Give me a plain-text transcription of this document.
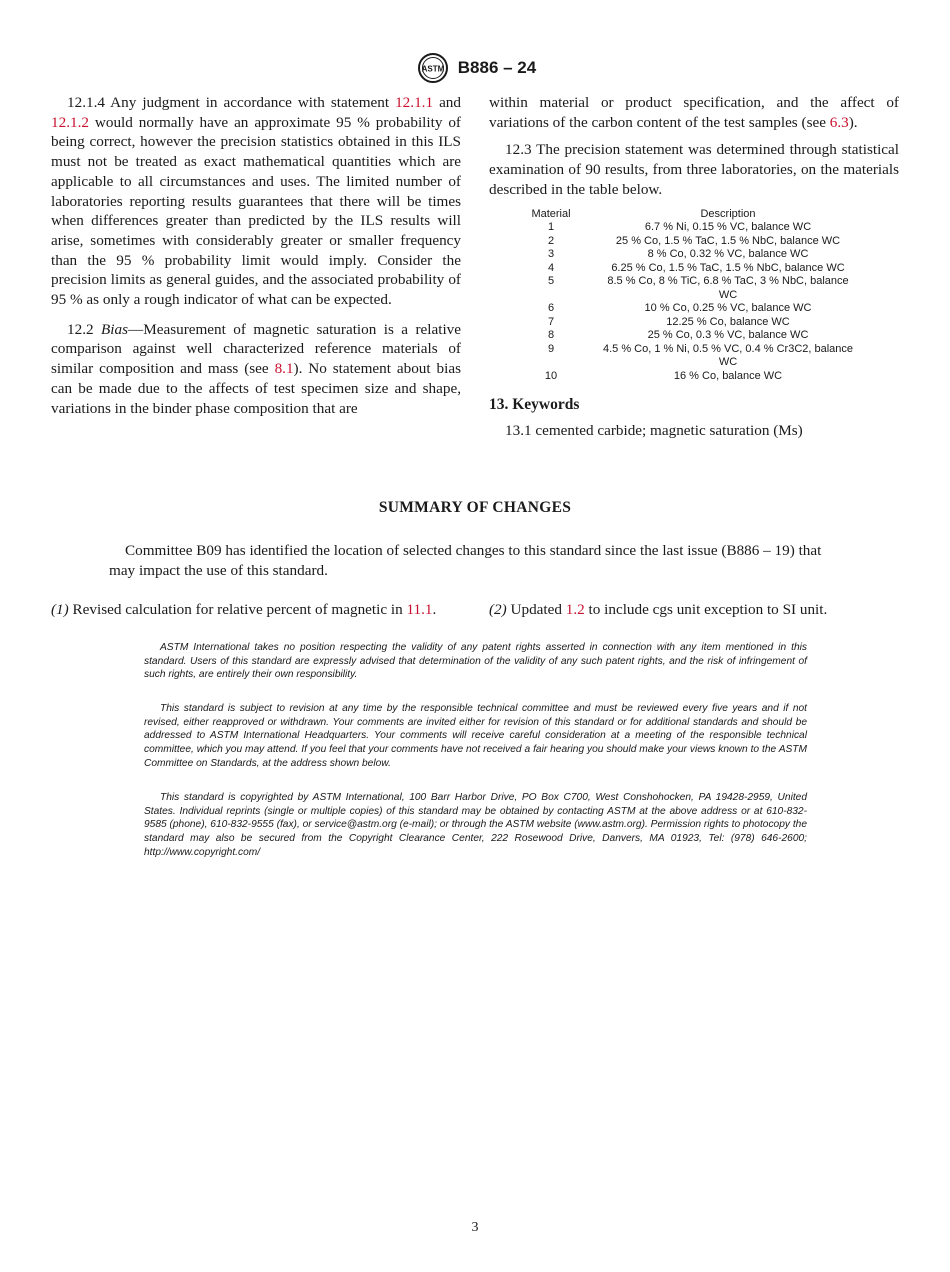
ASTM B886 – 24

12.1.4 Any judgment in accordance with statement 12.1.1 and 12.1.2 would normally have an approximate 95 % probability of being correct, however the precision statistics obtained in this ILS must not be treated as exact mathematical quantities which are applicable to all circumstances and uses. The limited number of laboratories reporting results guarantees that there will be times when differences greater than predicted by the ILS results will arise, sometimes with considerably greater or smaller frequency than the 95 % probability limit would imply. Consider the precision limits as general guides, and the associated probability of 95 % as only a rough indicator of what can be expected.

12.2 Bias—Measurement of magnetic saturation is a relative comparison against well characterized reference materials of similar composition and mass (see 8.1). No statement about bias can be made due to the affects of test specimen size and shape, variations in the binder phase composition that are

within material or product specification, and the affect of variations of the carbon content of the test samples (see 6.3).

12.3 The precision statement was determined through statistical examination of 90 results, from three laboratories, on the materials described in the table below.

Material	Description
1	6.7 % Ni, 0.15 % VC, balance WC
2	25 % Co, 1.5 % TaC, 1.5 % NbC, balance WC
3	8 % Co, 0.32 % VC, balance WC
4	6.25 % Co, 1.5 % TaC, 1.5 % NbC, balance WC
5	8.5 % Co, 8 % TiC, 6.8 % TaC, 3 % NbC, balance WC
6	10 % Co, 0.25 % VC, balance WC
7	12.25 % Co, balance WC
8	25 % Co, 0.3 % VC, balance WC
9	4.5 % Co, 1 % Ni, 0.5 % VC, 0.4 % Cr3C2, balance WC
10	16 % Co, balance WC
13. Keywords

13.1 cemented carbide; magnetic saturation (Ms)

SUMMARY OF CHANGES

Committee B09 has identified the location of selected changes to this standard since the last issue (B886 – 19) that may impact the use of this standard.

(1) Revised calculation for relative percent of magnetic in 11.1.	(2) Updated 1.2 to include cgs unit exception to SI unit.

ASTM International takes no position respecting the validity of any patent rights asserted in connection with any item mentioned in this standard. Users of this standard are expressly advised that determination of the validity of any such patent rights, and the risk of infringement of such rights, are entirely their own responsibility.

This standard is subject to revision at any time by the responsible technical committee and must be reviewed every five years and if not revised, either reapproved or withdrawn. Your comments are invited either for revision of this standard or for additional standards and should be addressed to ASTM International Headquarters. Your comments will receive careful consideration at a meeting of the responsible technical committee, which you may attend. If you feel that your comments have not received a fair hearing you should make your views known to the ASTM Committee on Standards, at the address shown below.

This standard is copyrighted by ASTM International, 100 Barr Harbor Drive, PO Box C700, West Conshohocken, PA 19428-2959, United States. Individual reprints (single or multiple copies) of this standard may be obtained by contacting ASTM at the above address or at 610-832-9585 (phone), 610-832-9555 (fax), or service@astm.org (e-mail); or through the ASTM website (www.astm.org). Permission rights to photocopy the standard may also be secured from the Copyright Clearance Center, 222 Rosewood Drive, Danvers, MA 01923, Tel: (978) 646-2600; http://www.copyright.com/

3
